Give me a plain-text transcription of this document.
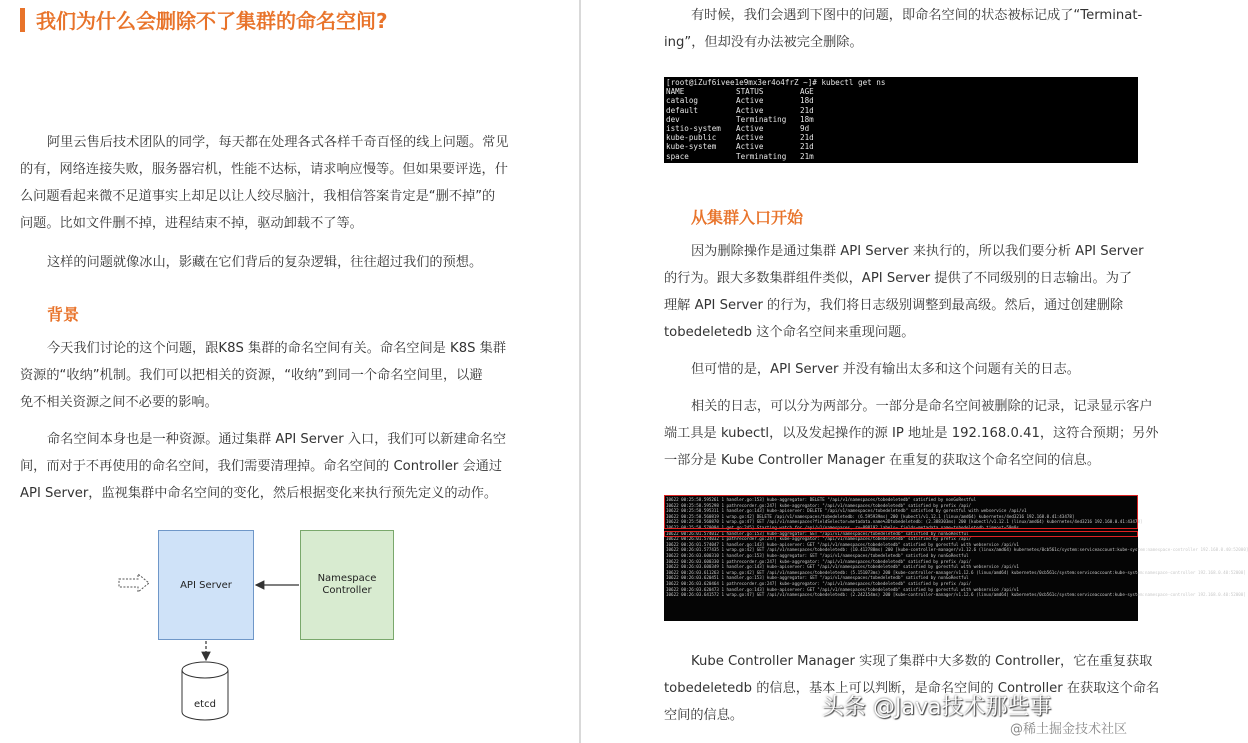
我们为什么会删除不了集群的命名空间?
阿里云售后技术团队的同学，每天都在处理各式各样千奇百怪的线上问题。常见
的有，网络连接失败，服务器宕机，性能不达标，请求响应慢等。但如果要评选，什
么问题看起来微不足道事实上却足以让人绞尽脑汁，我相信答案肯定是“删不掉”的
问题。比如文件删不掉，进程结束不掉，驱动卸载不了等。
这样的问题就像冰山，影藏在它们背后的复杂逻辑，往往超过我们的预想。
背景
今天我们讨论的这个问题，跟K8S 集群的命名空间有关。命名空间是 K8S 集群
资源的“收纳”机制。我们可以把相关的资源，“收纳”到同一个命名空间里，以避
免不相关资源之间不必要的影响。
命名空间本身也是一种资源。通过集群 API Server 入口，我们可以新建命名空
间，而对于不再使用的命名空间，我们需要清理掉。命名空间的 Controller 会通过
API Server，监视集群中命名空间的变化，然后根据变化来执行预先定义的动作。
API Server
Namespace
Controller
etcd
有时候，我们会遇到下图中的问题，即命名空间的状态被标记成了“Terminat-
ing”，但却没有办法被完全删除。
[root@iZuf6ivee1e9mx3er4o4frZ ~]# kubectl get ns
NAME	STATUS	AGE
catalog	Active	18d
default	Active	21d
dev	Terminating	18m
istio-system	Active	9d
kube-public	Active	21d
kube-system	Active	21d
space	Terminating	21m
从集群入口开始
因为删除操作是通过集群 API Server 来执行的，所以我们要分析 API Server
的行为。跟大多数集群组件类似，API Server 提供了不同级别的日志输出。为了
理解 API Server 的行为，我们将日志级别调整到最高级。然后，通过创建删除
tobedeletedb 这个命名空间来重现问题。
但可惜的是，API Server 并没有输出太多和这个问题有关的日志。
相关的日志，可以分为两部分。一部分是命名空间被删除的记录，记录显示客户
端工具是 kubectl，以及发起操作的源 IP 地址是 192.168.0.41，这符合预期；另外
一部分是 Kube Controller Manager 在重复的获取这个命名空间的信息。
I0622 00:25:58.595261 1 handler.go:153] kube-aggregator: DELETE "/api/v1/namespaces/tobedeletedb" satisfied by nonGoRestful
I0622 00:25:58.595298 1 pathrecorder.go:247] kube-aggregator: "/api/v1/namespaces/tobedeletedb" satisfied by prefix /api/
I0622 00:25:58.595311 1 handler.go:143] kube-apiserver: DELETE "/api/v1/namespaces/tobedeletedb" satisfied by gorestful with webservice /api/v1
I0622 00:25:58.560819 1 wrap.go:42] DELETE /api/v1/namespaces/tobedeletedb: (6.595939ms) 200 [kubectl/v1.12.1 (linux/amd64) kubernetes/4ed3216 192.168.0.41:43478]
I0622 00:25:58.560870 1 wrap.go:47] GET /api/v1/namespaces?fieldSelector=metadata.name%3Dtobedeletedb: (2.388303ms) 200 [kubectl/v1.12.1 (linux/amd64) kubernetes/4ed3216 192.168.0.41:43478]
I0622 00:25:58.570094 1 get.go:245] Starting watch for /api/v1/namespaces, rv=898192 labels= fields=metadata.name=tobedeletedb timeout=59m0s
I0622 00:26:01.574012 1 handler.go:153] kube-aggregator: GET "/api/v1/namespaces/tobedeletedb" satisfied by nonGoRestful
I0622 00:26:01.574032 1 pathrecorder.go:247] kube-aggregator: "/api/v1/namespaces/tobedeletedb" satisfied by prefix /api/
I0622 00:26:01.574047 1 handler.go:143] kube-apiserver: GET "/api/v1/namespaces/tobedeletedb" satisfied by gorestful with webservice /api/v1
I0622 00:26:01.577435 1 wrap.go:42] GET /api/v1/namespaces/tobedeletedb: (10.412788ms) 200 [kube-controller-manager/v1.12.6 (linux/amd64) kubernetes/0cb561c/system:serviceaccount:kube-system:namespace-controller 192.168.0.40:52000]
I0622 00:26:03.600310 1 handler.go:153] kube-aggregator: GET "/api/v1/namespaces/tobedeletedb" satisfied by nonGoRestful
I0622 00:26:03.600330 1 pathrecorder.go:247] kube-aggregator: "/api/v1/namespaces/tobedeletedb" satisfied by prefix /api/
I0622 00:26:03.600349 1 handler.go:143] kube-apiserver: GET "/api/v1/namespaces/tobedeletedb" satisfied by gorestful with webservice /api/v1
I0622 00:26:03.611263 1 wrap.go:42] GET /api/v1/namespaces/tobedeletedb: (5.151073ms) 200 [kube-controller-manager/v1.12.6 (linux/amd64) kubernetes/0cb561c/system:serviceaccount:kube-system:namespace-controller 192.168.0.40:52000]
I0622 00:26:03.620451 1 handler.go:153] kube-aggregator: GET "/api/v1/namespaces/tobedeletedb" satisfied by nonGoRestful
I0622 00:26:03.620464 1 pathrecorder.go:247] kube-aggregator: "/api/v1/namespaces/tobedeletedb" satisfied by prefix /api/
I0622 00:26:03.620473 1 handler.go:143] kube-apiserver: GET "/api/v1/namespaces/tobedeletedb" satisfied by gorestful with webservice /api/v1
I0622 00:26:03.641572 1 wrap.go:47] GET /api/v1/namespaces/tobedeletedb: (2.242154ms) 200 [kube-controller-manager/v1.12.6 (linux/amd64) kubernetes/0cb561c/system:serviceaccount:kube-system:namespace-controller 192.168.0.40:52000]
Kube Controller Manager 实现了集群中大多数的 Controller，它在重复获取
tobedeletedb 的信息，基本上可以判断，是命名空间的 Controller 在获取这个命名
空间的信息。	头条 @Java技术那些事
@稀土掘金技术社区
